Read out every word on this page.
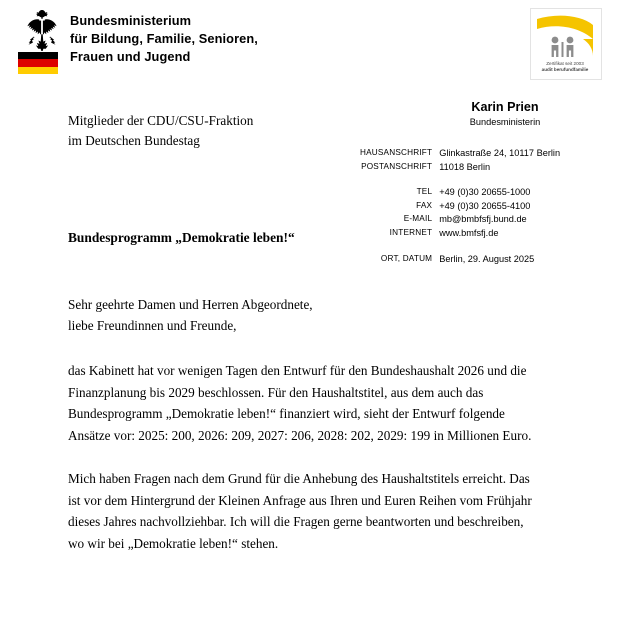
Bundesministerium
für Bildung, Familie, Senioren,
Frauen und Jugend	Zertifikat seit 2003
audit berufundfamilie
Mitglieder der CDU/CSU-Fraktion
im Deutschen Bundestag
Karin Prien
Bundesministerin
HAUSANSCHRIFT	Glinkastraße 24, 10117 Berlin
POSTANSCHRIFT	11018 Berlin
TEL	+49 (0)30 20655-1000
FAX	+49 (0)30 20655-4100
E-MAIL	mb@bmbfsfj.bund.de
INTERNET	www.bmfsfj.de
ORT, DATUM	Berlin, 29. August 2025

Bundesprogramm „Demokratie leben!“

Sehr geehrte Damen und Herren Abgeordnete,
liebe Freundinnen und Freunde,

das Kabinett hat vor wenigen Tagen den Entwurf für den Bundeshaushalt 2026 und die Finanzplanung bis 2029 beschlossen. Für den Haushaltstitel, aus dem auch das Bundesprogramm „Demokratie leben!“ finanziert wird, sieht der Entwurf folgende Ansätze vor: 2025: 200, 2026: 209, 2027: 206, 2028: 202, 2029: 199 in Millionen Euro.

Mich haben Fragen nach dem Grund für die Anhebung des Haushaltstitels erreicht. Das ist vor dem Hintergrund der Kleinen Anfrage aus Ihren und Euren Reihen vom Frühjahr dieses Jahres nachvollziehbar. Ich will die Fragen gerne beantworten und beschreiben, wo wir bei „Demokratie leben!“ stehen.
